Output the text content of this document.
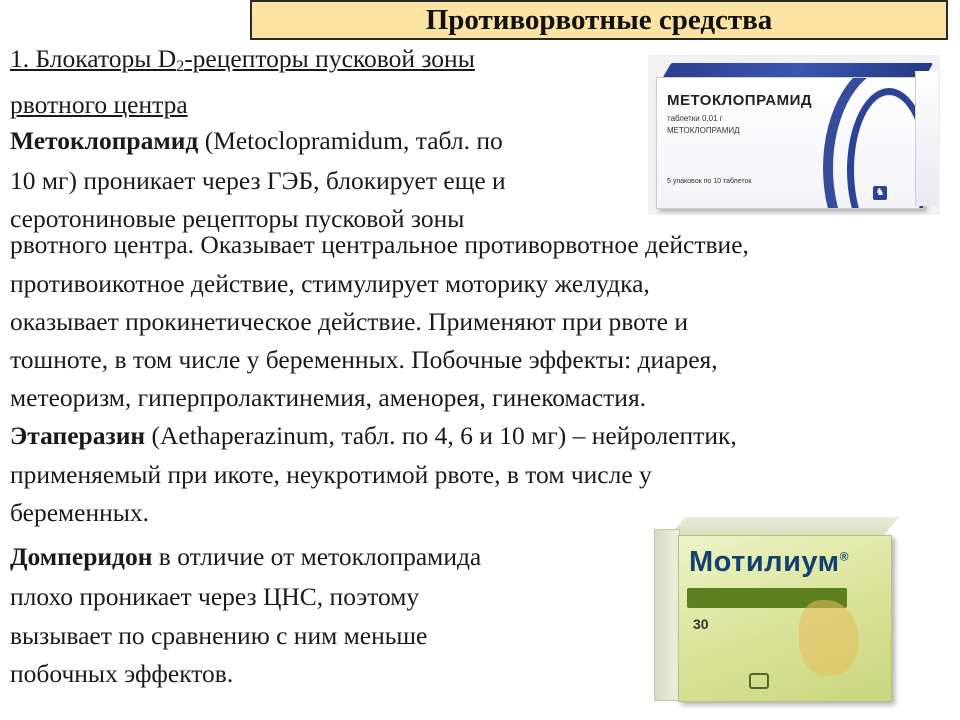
Противорвотные средства
1. Блокаторы $D_2$-рецепторы пусковой зоны
рвотного центра
Метоклопрамид (Metoclopramidum, табл. по
10 мг) проникает через ГЭБ, блокирует еще и
серотониновые рецепторы пусковой зоны
рвотного центра. Оказывает центральное противорвотное действие,
противоикотное действие, стимулирует моторику желудка,
оказывает прокинетическое действие. Применяют при рвоте и
тошноте, в том числе у беременных. Побочные эффекты: диарея,
метеоризм, гиперпролактинемия, аменорея, гинекомастия.
Этаперазин (Aethaperazinum, табл. по 4, 6 и 10 мг) – нейролептик,
применяемый при икоте, неукротимой рвоте, в том числе у
беременных.
Домперидон в отличие от метоклопрамида
плохо проникает через ЦНС, поэтому
вызывает по сравнению с ним меньше
побочных эффектов.
МЕТОКЛОПРАМИД
таблетки 0,01 г
МЕТОКЛОПРАМИД
5 упаковок по 10 таблеток
♞
Мотилиум®
30
